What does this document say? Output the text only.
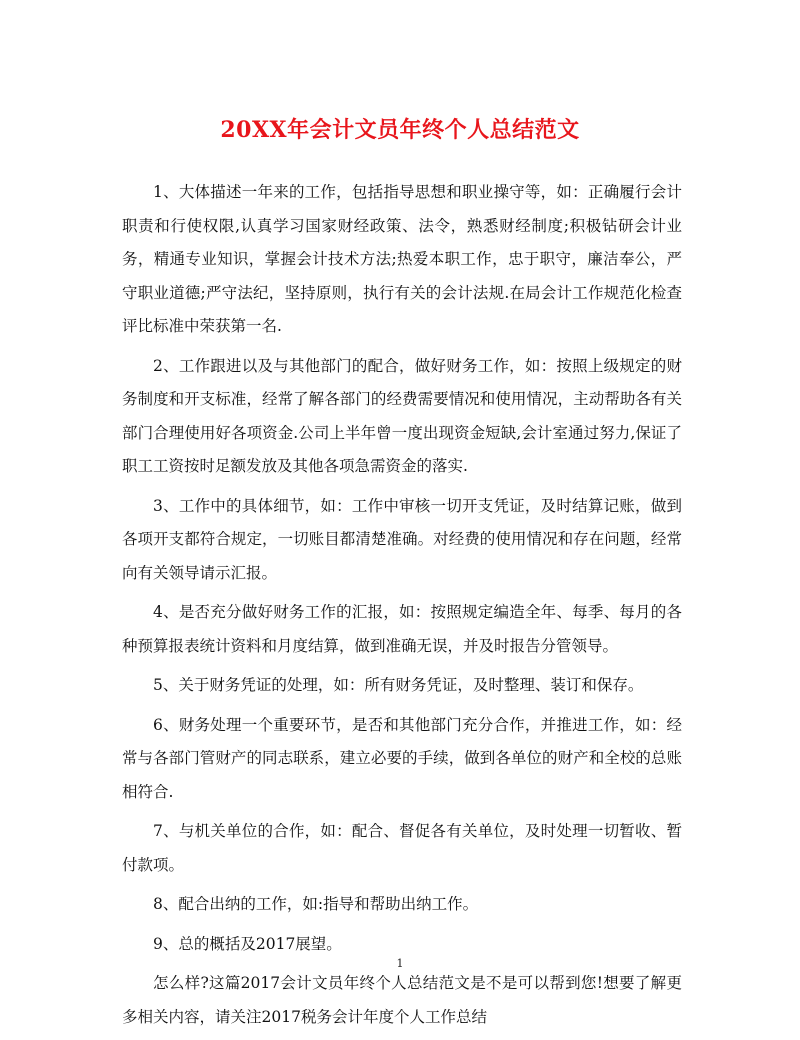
20XX年会计文员年终个人总结范文

1、大体描述一年来的工作，包括指导思想和职业操守等，如：正确履行会计职责和行使权限,认真学习国家财经政策、法令，熟悉财经制度;积极钻研会计业务，精通专业知识，掌握会计技术方法;热爱本职工作，忠于职守，廉洁奉公，严守职业道德;严守法纪，坚持原则，执行有关的会计法规.在局会计工作规范化检查评比标准中荣获第一名.

2、工作跟进以及与其他部门的配合，做好财务工作，如：按照上级规定的财务制度和开支标准，经常了解各部门的经费需要情况和使用情况，主动帮助各有关部门合理使用好各项资金.公司上半年曾一度出现资金短缺,会计室通过努力,保证了职工工资按时足额发放及其他各项急需资金的落实.

3、工作中的具体细节，如：工作中审核一切开支凭证，及时结算记账，做到各项开支都符合规定，一切账目都清楚准确。对经费的使用情况和存在问题，经常向有关领导请示汇报。

4、是否充分做好财务工作的汇报，如：按照规定编造全年、每季、每月的各种预算报表统计资料和月度结算，做到准确无误，并及时报告分管领导。

5、关于财务凭证的处理，如：所有财务凭证，及时整理、装订和保存。

6、财务处理一个重要环节，是否和其他部门充分合作，并推进工作，如：经常与各部门管财产的同志联系，建立必要的手续，做到各单位的财产和全校的总账相符合.

7、与机关单位的合作，如：配合、督促各有关单位，及时处理一切暂收、暂付款项。

8、配合出纳的工作，如:指导和帮助出纳工作。

9、总的概括及2017展望。

怎么样?这篇2017会计文员年终个人总结范文是不是可以帮到您!想要了解更多相关内容，请关注2017税务会计年度个人工作总结

1
